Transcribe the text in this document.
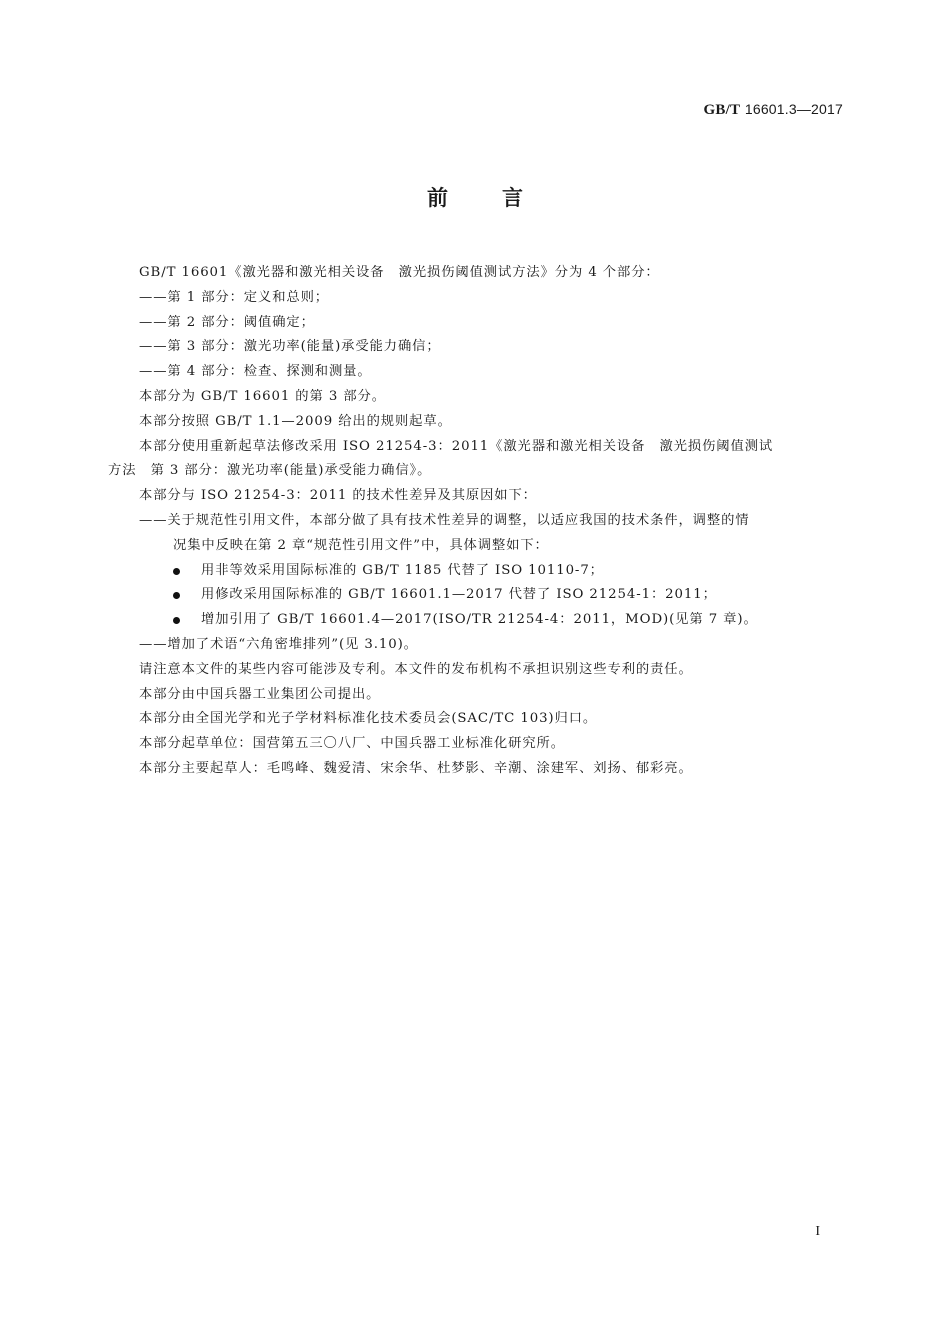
GB/T 16601.3—2017
前	言

GB/T 16601《激光器和激光相关设备　激光损伤阈值测试方法》分为 4 个部分：

——第 1 部分：定义和总则；

——第 2 部分：阈值确定；

——第 3 部分：激光功率(能量)承受能力确信；

——第 4 部分：检查、探测和测量。

本部分为 GB/T 16601 的第 3 部分。

本部分按照 GB/T 1.1—2009 给出的规则起草。

本部分使用重新起草法修改采用 ISO 21254-3：2011《激光器和激光相关设备　激光损伤阈值测试

方法　第 3 部分：激光功率(能量)承受能力确信》。

本部分与 ISO 21254-3：2011 的技术性差异及其原因如下：

——关于规范性引用文件，本部分做了具有技术性差异的调整，以适应我国的技术条件，调整的情

况集中反映在第 2 章“规范性引用文件”中，具体调整如下：

用非等效采用国际标准的 GB/T 1185 代替了 ISO 10110-7；

用修改采用国际标准的 GB/T 16601.1—2017 代替了 ISO 21254-1：2011；

增加引用了 GB/T 16601.4—2017(ISO/TR 21254-4：2011，MOD)(见第 7 章)。

——增加了术语“六角密堆排列”(见 3.10)。

请注意本文件的某些内容可能涉及专利。本文件的发布机构不承担识别这些专利的责任。

本部分由中国兵器工业集团公司提出。

本部分由全国光学和光子学材料标准化技术委员会(SAC/TC 103)归口。

本部分起草单位：国营第五三〇八厂、中国兵器工业标准化研究所。

本部分主要起草人：毛鸣峰、魏爱清、宋余华、杜梦影、辛潮、涂建军、刘扬、郁彩亮。

I
